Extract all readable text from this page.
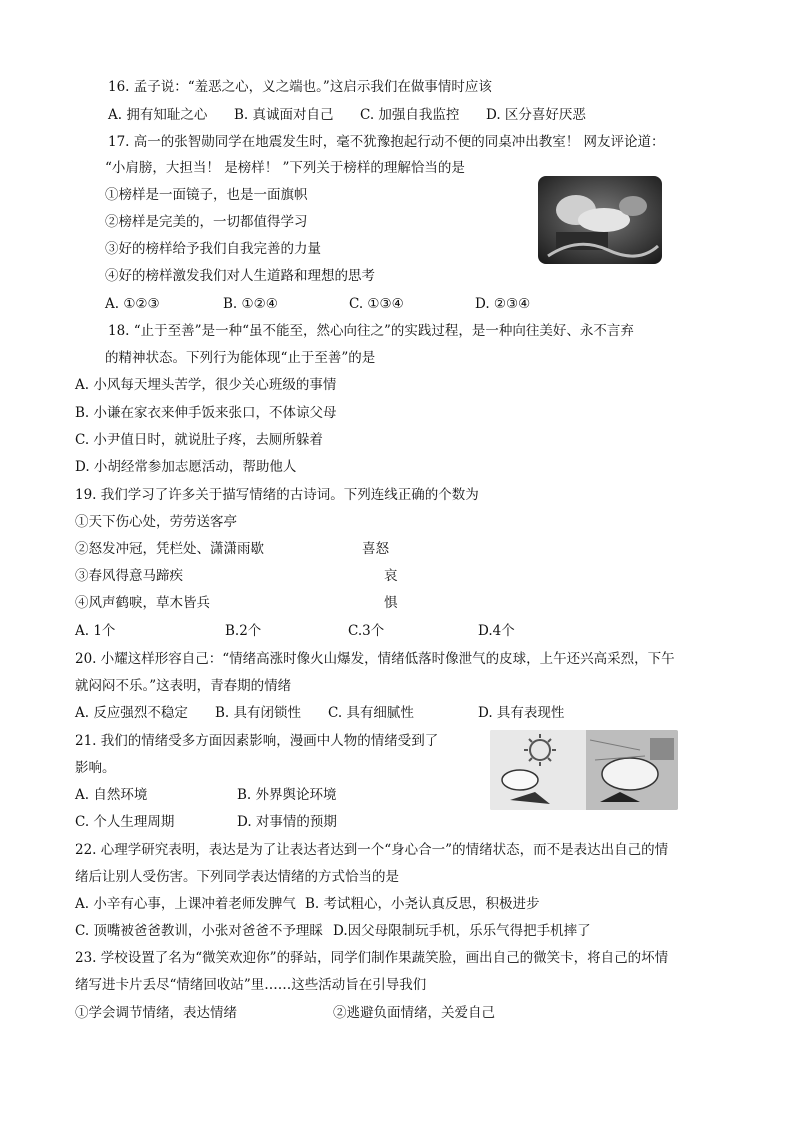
16. 孟子说：“羞恶之心，义之端也。”这启示我们在做事情时应该
A. 拥有知耻之心 B. 真诚面对自己 C. 加强自我监控 D. 区分喜好厌恶
17. 高一的张智勋同学在地震发生时，毫不犹豫抱起行动不便的同桌冲出教室！ 网友评论道：
“小肩膀，大担当！ 是榜样！ ”下列关于榜样的理解恰当的是
①榜样是一面镜子，也是一面旗帜
②榜样是完美的，一切都值得学习
③好的榜样给予我们自我完善的力量
④好的榜样激发我们对人生道路和理想的思考
A. ①②③	B. ①②④	C. ①③④	D. ②③④
18. “止于至善”是一种“虽不能至，然心向往之”的实践过程，是一种向往美好、永不言弃
的精神状态。下列行为能体现“止于至善”的是
A. 小风每天埋头苦学，很少关心班级的事情
B. 小谦在家衣来伸手饭来张口，不体谅父母
C. 小尹值日时，就说肚子疼，去厕所躲着
D. 小胡经常参加志愿活动，帮助他人
19. 我们学习了许多关于描写情绪的古诗词。下列连线正确的个数为
①天下伤心处，劳劳送客亭
②怒发冲冠，凭栏处、潇潇雨歇	喜怒
③春风得意马蹄疾	哀
④风声鹤唳，草木皆兵	惧
A. 1个	B.2个	C.3个	D.4个
20. 小耀这样形容自己：“情绪高涨时像火山爆发，情绪低落时像泄气的皮球，上午还兴高采烈，下午
就闷闷不乐。”这表明，青春期的情绪
A. 反应强烈不稳定 B. 具有闭锁性 C. 具有细腻性	D. 具有表现性
21. 我们的情绪受多方面因素影响，漫画中人物的情绪受到了
影响。
A. 自然环境	B. 外界舆论环境
C. 个人生理周期	D. 对事情的预期
22. 心理学研究表明，表达是为了让表达者达到一个“身心合一”的情绪状态，而不是表达出自己的情
绪后让别人受伤害。下列同学表达情绪的方式恰当的是
A. 小辛有心事，上课冲着老师发脾气 B. 考试粗心，小尧认真反思，积极进步
C. 顶嘴被爸爸教训，小张对爸爸不予理睬 D.因父母限制玩手机，乐乐气得把手机摔了
23. 学校设置了名为“微笑欢迎你”的驿站，同学们制作果蔬笑脸，画出自己的微笑卡，将自己的坏情
绪写进卡片丢尽“情绪回收站”里……这些活动旨在引导我们
①学会调节情绪，表达情绪	②逃避负面情绪，关爱自己
